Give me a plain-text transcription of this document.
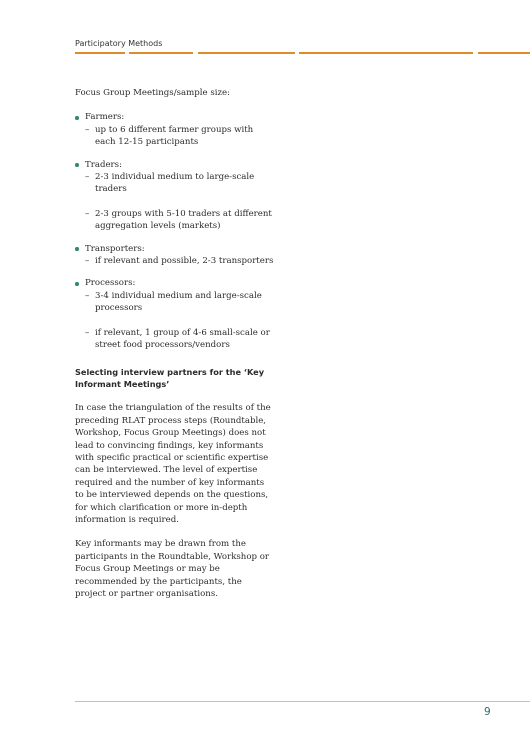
Participatory Methods

Focus Group Meetings/sample size:

Farmers:
– up to 6 different farmer groups with each 12-15 participants
Traders:
– 2-3 individual medium to large-scale traders
– 2-3 groups with 5-10 traders at different aggregation levels (markets)
Transporters:
– if relevant and possible, 2-3 transporters
Processors:
– 3-4 individual medium and large-scale processors
– if relevant, 1 group of 4-6 small-scale or street food processors/vendors
Selecting interview partners for the ‘Key Informant Meetings’

In case the triangulation of the results of the preceding RLAT process steps (Roundtable, Workshop, Focus Group Meetings) does not lead to convincing findings, key informants with specific practical or scientific expertise can be interviewed. The level of expertise required and the number of key informants to be interviewed depends on the questions, for which clarification or more in-depth information is required.

Key informants may be drawn from the participants in the Roundtable, Workshop or Focus Group Meetings or may be recommended by the participants, the project or partner organisations.

9
